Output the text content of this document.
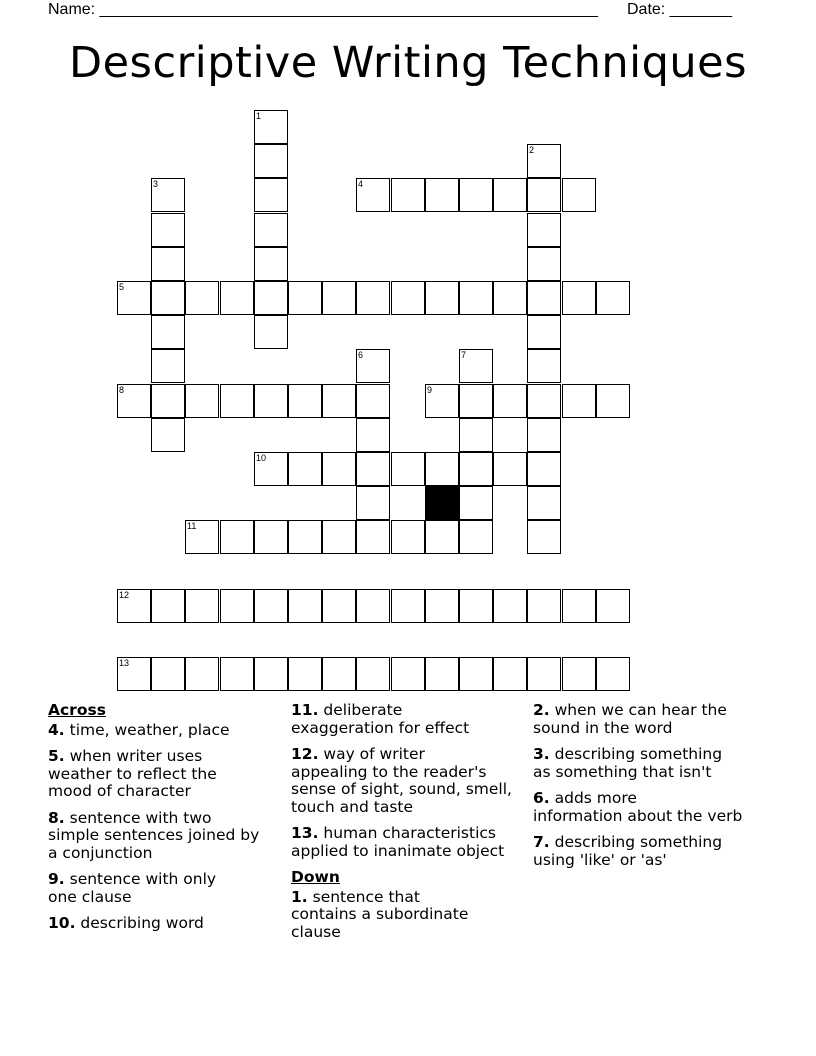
Name: ________________________________________________________ Date: _______
Descriptive Writing Techniques
1
2
3	4
5
6	7
8	9
10
11
12
13
Across
4. time, weather, place
5. when writer uses
weather to reflect the
mood of character
8. sentence with two
simple sentences joined by
a conjunction
9. sentence with only
one clause
10. describing word
11. deliberate
exaggeration for effect
12. way of writer
appealing to the reader's
sense of sight, sound, smell,
touch and taste
13. human characteristics
applied to inanimate object
Down
1. sentence that
contains a subordinate
clause
2. when we can hear the
sound in the word
3. describing something
as something that isn't
6. adds more
information about the verb
7. describing something
using 'like' or 'as'
